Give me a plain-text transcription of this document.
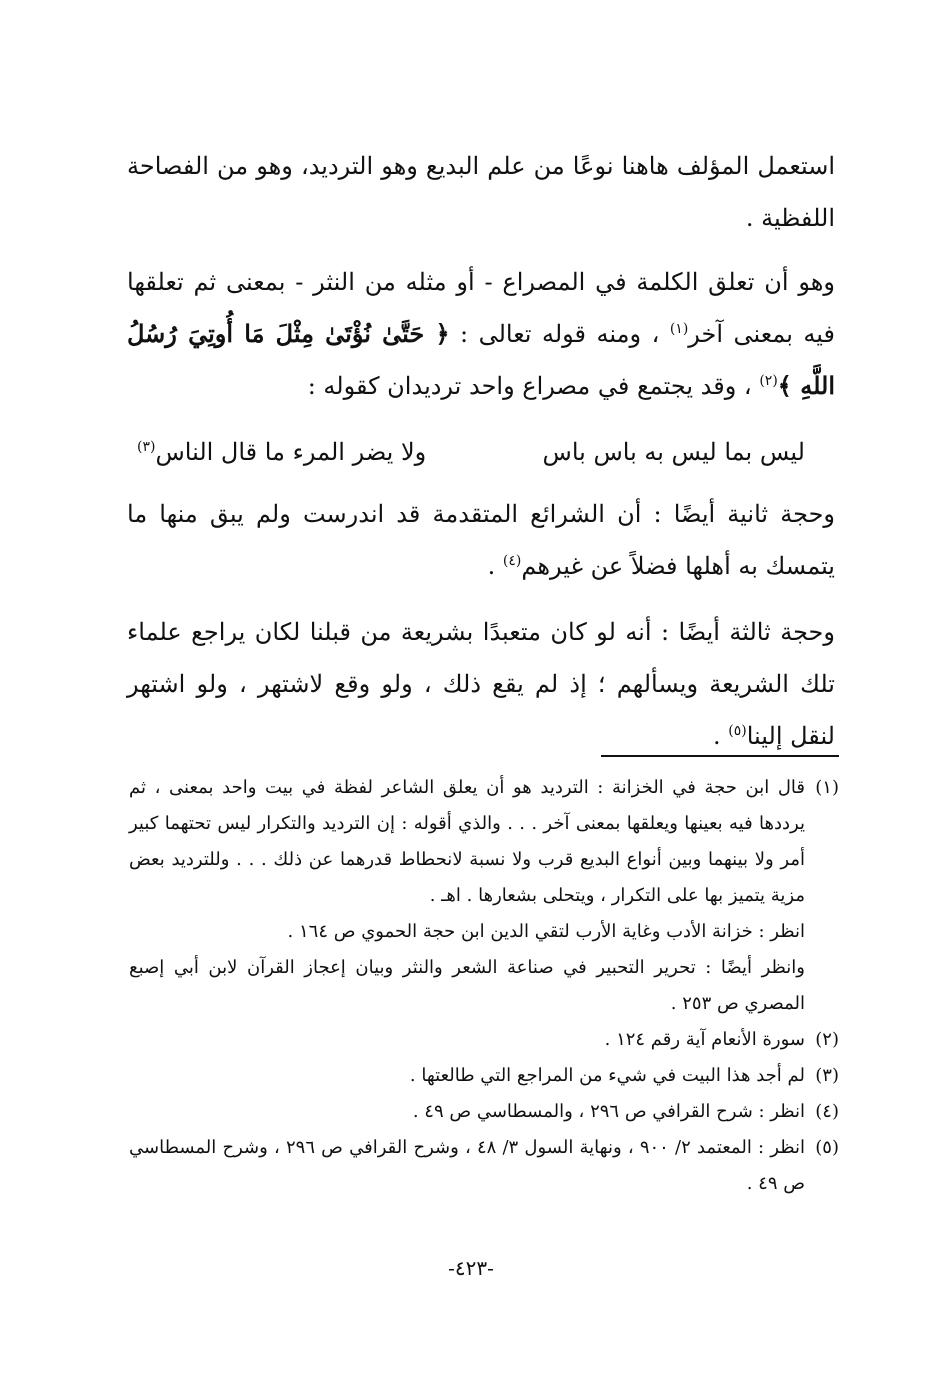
استعمل المؤلف هاهنا نوعًا من علم البديع وهو الترديد، وهو من الفصاحة اللفظية .

وهو أن تعلق الكلمة في المصراع - أو مثله من النثر - بمعنى ثم تعلقها فيه بمعنى آخر$^{(١)}$ ، ومنه قوله تعالى : ﴿ حَتَّىٰ نُؤْتَىٰ مِثْلَ مَا أُوتِيَ رُسُلُ اللَّهِ ﴾$^{(٢)}$ ، وقد يجتمع في مصراع واحد ترديدان كقوله :

ليس بما ليس به باس باس
ولا يضر المرء ما قال الناس$^{(٣)}$

وحجة ثانية أيضًا : أن الشرائع المتقدمة قد اندرست ولم يبق منها ما يتمسك به أهلها فضلاً عن غيرهم$^{(٤)}$ .

وحجة ثالثة أيضًا : أنه لو كان متعبدًا بشريعة من قبلنا لكان يراجع علماء تلك الشريعة ويسألهم ؛ إذ لم يقع ذلك ، ولو وقع لاشتهر ، ولو اشتهر لنقل إلينا$^{(٥)}$ .

(١)
قال ابن حجة في الخزانة : الترديد هو أن يعلق الشاعر لفظة في بيت واحد بمعنى ، ثم يرددها فيه بعينها ويعلقها بمعنى آخر . . . والذي أقوله : إن الترديد والتكرار ليس تحتهما كبير أمر ولا بينهما وبين أنواع البديع قرب ولا نسبة لانحطاط قدرهما عن ذلك . . . وللترديد بعض مزية يتميز بها على التكرار ، ويتحلى بشعارها . اهـ .
انظر : خزانة الأدب وغاية الأرب لتقي الدين ابن حجة الحموي ص ١٦٤ .
وانظر أيضًا : تحرير التحبير في صناعة الشعر والنثر وبيان إعجاز القرآن لابن أبي إصبع المصري ص ٢٥٣ .
(٢)
سورة الأنعام آية رقم ١٢٤ .
(٣)
لم أجد هذا البيت في شيء من المراجع التي طالعتها .
(٤)
انظر : شرح القرافي ص ٢٩٦ ، والمسطاسي ص ٤٩ .
(٥)
انظر : المعتمد ٢/ ٩٠٠ ، ونهاية السول ٣/ ٤٨ ، وشرح القرافي ص ٢٩٦ ، وشرح المسطاسي ص ٤٩ .
-٤٢٣-
